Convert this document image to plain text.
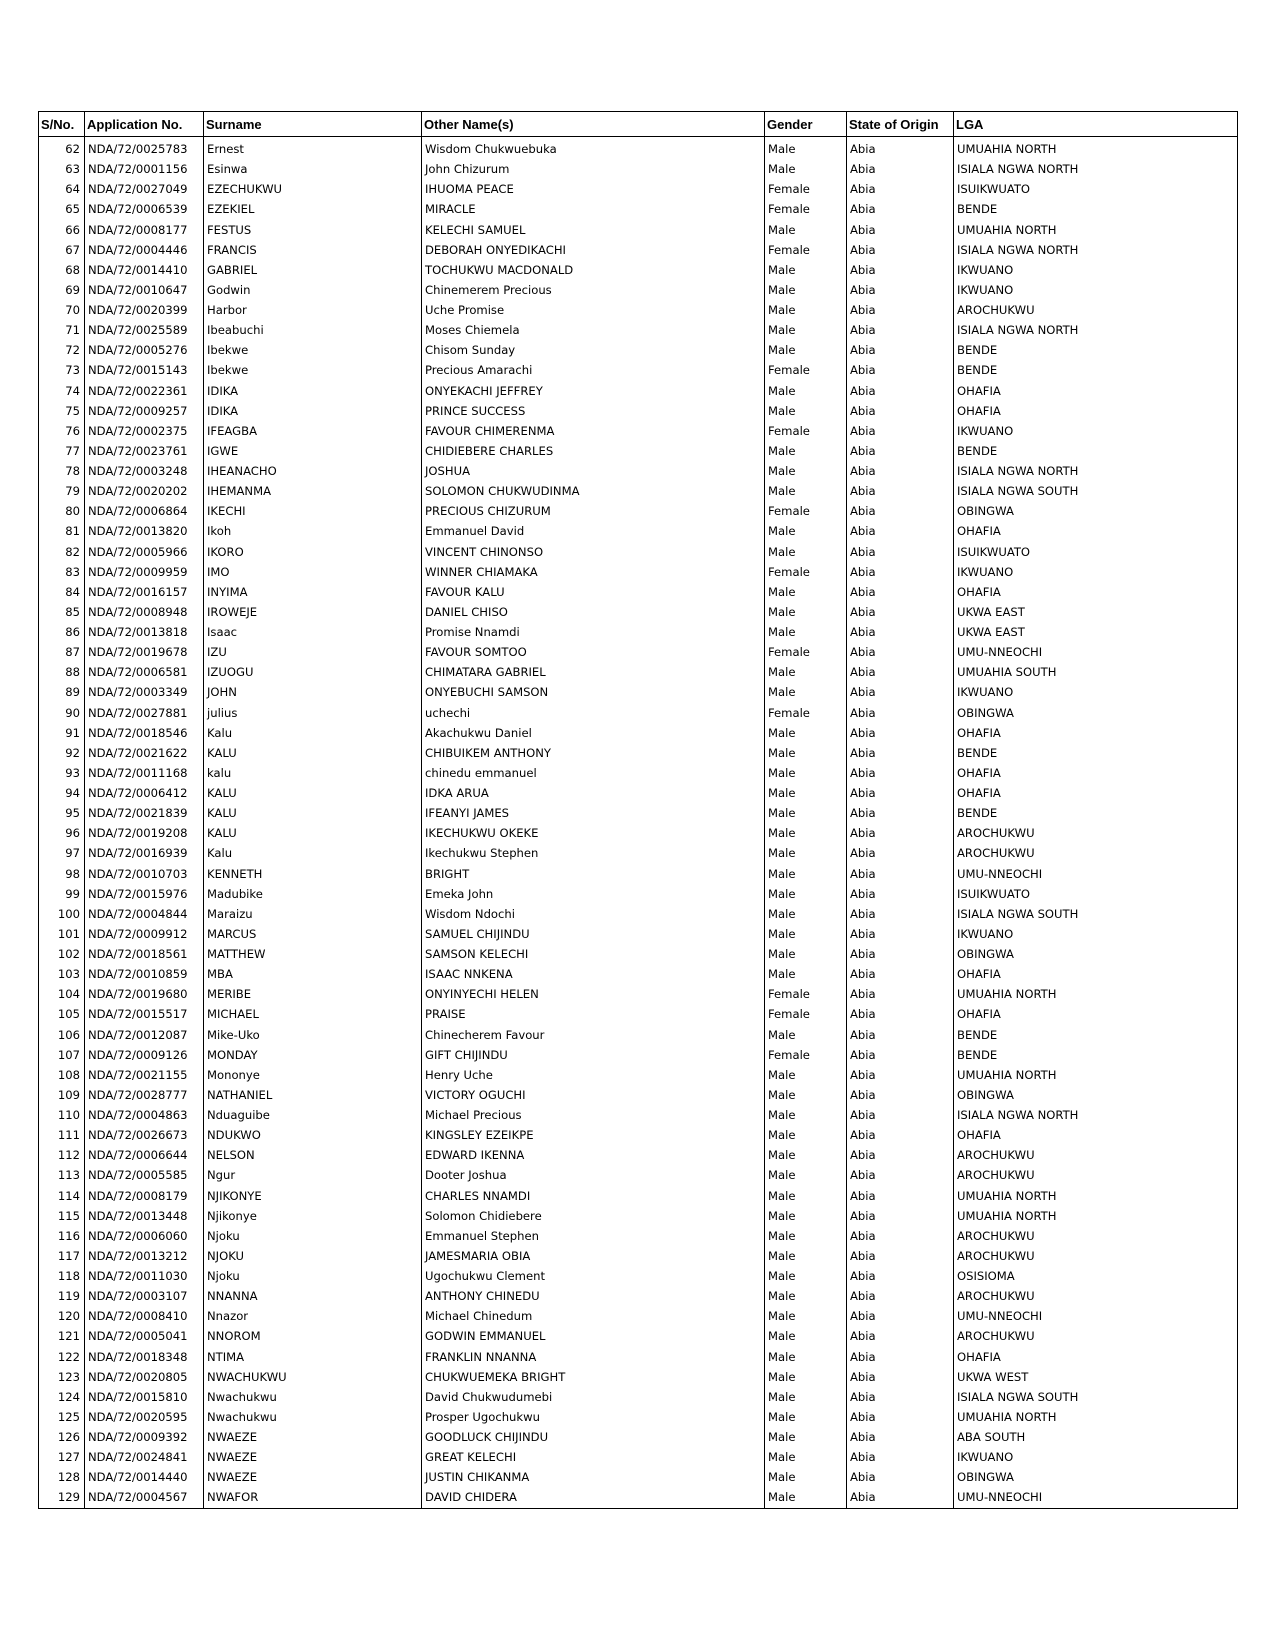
S/No.	Application No.	Surname	Other Name(s)	Gender	State of Origin	LGA
62	NDA/72/0025783	Ernest	Wisdom Chukwuebuka	Male	Abia	UMUAHIA NORTH
63	NDA/72/0001156	Esinwa	John Chizurum	Male	Abia	ISIALA NGWA NORTH
64	NDA/72/0027049	EZECHUKWU	IHUOMA PEACE	Female	Abia	ISUIKWUATO
65	NDA/72/0006539	EZEKIEL	MIRACLE	Female	Abia	BENDE
66	NDA/72/0008177	FESTUS	KELECHI SAMUEL	Male	Abia	UMUAHIA NORTH
67	NDA/72/0004446	FRANCIS	DEBORAH ONYEDIKACHI	Female	Abia	ISIALA NGWA NORTH
68	NDA/72/0014410	GABRIEL	TOCHUKWU MACDONALD	Male	Abia	IKWUANO
69	NDA/72/0010647	Godwin	Chinemerem Precious	Male	Abia	IKWUANO
70	NDA/72/0020399	Harbor	Uche Promise	Male	Abia	AROCHUKWU
71	NDA/72/0025589	Ibeabuchi	Moses Chiemela	Male	Abia	ISIALA NGWA NORTH
72	NDA/72/0005276	Ibekwe	Chisom Sunday	Male	Abia	BENDE
73	NDA/72/0015143	Ibekwe	Precious Amarachi	Female	Abia	BENDE
74	NDA/72/0022361	IDIKA	ONYEKACHI JEFFREY	Male	Abia	OHAFIA
75	NDA/72/0009257	IDIKA	PRINCE SUCCESS	Male	Abia	OHAFIA
76	NDA/72/0002375	IFEAGBA	FAVOUR CHIMERENMA	Female	Abia	IKWUANO
77	NDA/72/0023761	IGWE	CHIDIEBERE CHARLES	Male	Abia	BENDE
78	NDA/72/0003248	IHEANACHO	JOSHUA	Male	Abia	ISIALA NGWA NORTH
79	NDA/72/0020202	IHEMANMA	SOLOMON CHUKWUDINMA	Male	Abia	ISIALA NGWA SOUTH
80	NDA/72/0006864	IKECHI	PRECIOUS CHIZURUM	Female	Abia	OBINGWA
81	NDA/72/0013820	Ikoh	Emmanuel David	Male	Abia	OHAFIA
82	NDA/72/0005966	IKORO	VINCENT CHINONSO	Male	Abia	ISUIKWUATO
83	NDA/72/0009959	IMO	WINNER CHIAMAKA	Female	Abia	IKWUANO
84	NDA/72/0016157	INYIMA	FAVOUR KALU	Male	Abia	OHAFIA
85	NDA/72/0008948	IROWEJE	DANIEL CHISO	Male	Abia	UKWA EAST
86	NDA/72/0013818	Isaac	Promise Nnamdi	Male	Abia	UKWA EAST
87	NDA/72/0019678	IZU	FAVOUR SOMTOO	Female	Abia	UMU-NNEOCHI
88	NDA/72/0006581	IZUOGU	CHIMATARA GABRIEL	Male	Abia	UMUAHIA SOUTH
89	NDA/72/0003349	JOHN	ONYEBUCHI SAMSON	Male	Abia	IKWUANO
90	NDA/72/0027881	julius	uchechi	Female	Abia	OBINGWA
91	NDA/72/0018546	Kalu	Akachukwu Daniel	Male	Abia	OHAFIA
92	NDA/72/0021622	KALU	CHIBUIKEM ANTHONY	Male	Abia	BENDE
93	NDA/72/0011168	kalu	chinedu emmanuel	Male	Abia	OHAFIA
94	NDA/72/0006412	KALU	IDKA ARUA	Male	Abia	OHAFIA
95	NDA/72/0021839	KALU	IFEANYI JAMES	Male	Abia	BENDE
96	NDA/72/0019208	KALU	IKECHUKWU OKEKE	Male	Abia	AROCHUKWU
97	NDA/72/0016939	Kalu	Ikechukwu Stephen	Male	Abia	AROCHUKWU
98	NDA/72/0010703	KENNETH	BRIGHT	Male	Abia	UMU-NNEOCHI
99	NDA/72/0015976	Madubike	Emeka John	Male	Abia	ISUIKWUATO
100	NDA/72/0004844	Maraizu	Wisdom Ndochi	Male	Abia	ISIALA NGWA SOUTH
101	NDA/72/0009912	MARCUS	SAMUEL CHIJINDU	Male	Abia	IKWUANO
102	NDA/72/0018561	MATTHEW	SAMSON KELECHI	Male	Abia	OBINGWA
103	NDA/72/0010859	MBA	ISAAC NNKENA	Male	Abia	OHAFIA
104	NDA/72/0019680	MERIBE	ONYINYECHI HELEN	Female	Abia	UMUAHIA NORTH
105	NDA/72/0015517	MICHAEL	PRAISE	Female	Abia	OHAFIA
106	NDA/72/0012087	Mike-Uko	Chinecherem Favour	Male	Abia	BENDE
107	NDA/72/0009126	MONDAY	GIFT CHIJINDU	Female	Abia	BENDE
108	NDA/72/0021155	Mononye	Henry Uche	Male	Abia	UMUAHIA NORTH
109	NDA/72/0028777	NATHANIEL	VICTORY OGUCHI	Male	Abia	OBINGWA
110	NDA/72/0004863	Nduaguibe	Michael Precious	Male	Abia	ISIALA NGWA NORTH
111	NDA/72/0026673	NDUKWO	KINGSLEY EZEIKPE	Male	Abia	OHAFIA
112	NDA/72/0006644	NELSON	EDWARD IKENNA	Male	Abia	AROCHUKWU
113	NDA/72/0005585	Ngur	Dooter Joshua	Male	Abia	AROCHUKWU
114	NDA/72/0008179	NJIKONYE	CHARLES NNAMDI	Male	Abia	UMUAHIA NORTH
115	NDA/72/0013448	Njikonye	Solomon Chidiebere	Male	Abia	UMUAHIA NORTH
116	NDA/72/0006060	Njoku	Emmanuel Stephen	Male	Abia	AROCHUKWU
117	NDA/72/0013212	NJOKU	JAMESMARIA OBIA	Male	Abia	AROCHUKWU
118	NDA/72/0011030	Njoku	Ugochukwu Clement	Male	Abia	OSISIOMA
119	NDA/72/0003107	NNANNA	ANTHONY CHINEDU	Male	Abia	AROCHUKWU
120	NDA/72/0008410	Nnazor	Michael Chinedum	Male	Abia	UMU-NNEOCHI
121	NDA/72/0005041	NNOROM	GODWIN EMMANUEL	Male	Abia	AROCHUKWU
122	NDA/72/0018348	NTIMA	FRANKLIN NNANNA	Male	Abia	OHAFIA
123	NDA/72/0020805	NWACHUKWU	CHUKWUEMEKA BRIGHT	Male	Abia	UKWA WEST
124	NDA/72/0015810	Nwachukwu	David Chukwudumebi	Male	Abia	ISIALA NGWA SOUTH
125	NDA/72/0020595	Nwachukwu	Prosper Ugochukwu	Male	Abia	UMUAHIA NORTH
126	NDA/72/0009392	NWAEZE	GOODLUCK CHIJINDU	Male	Abia	ABA SOUTH
127	NDA/72/0024841	NWAEZE	GREAT KELECHI	Male	Abia	IKWUANO
128	NDA/72/0014440	NWAEZE	JUSTIN CHIKANMA	Male	Abia	OBINGWA
129	NDA/72/0004567	NWAFOR	DAVID CHIDERA	Male	Abia	UMU-NNEOCHI
